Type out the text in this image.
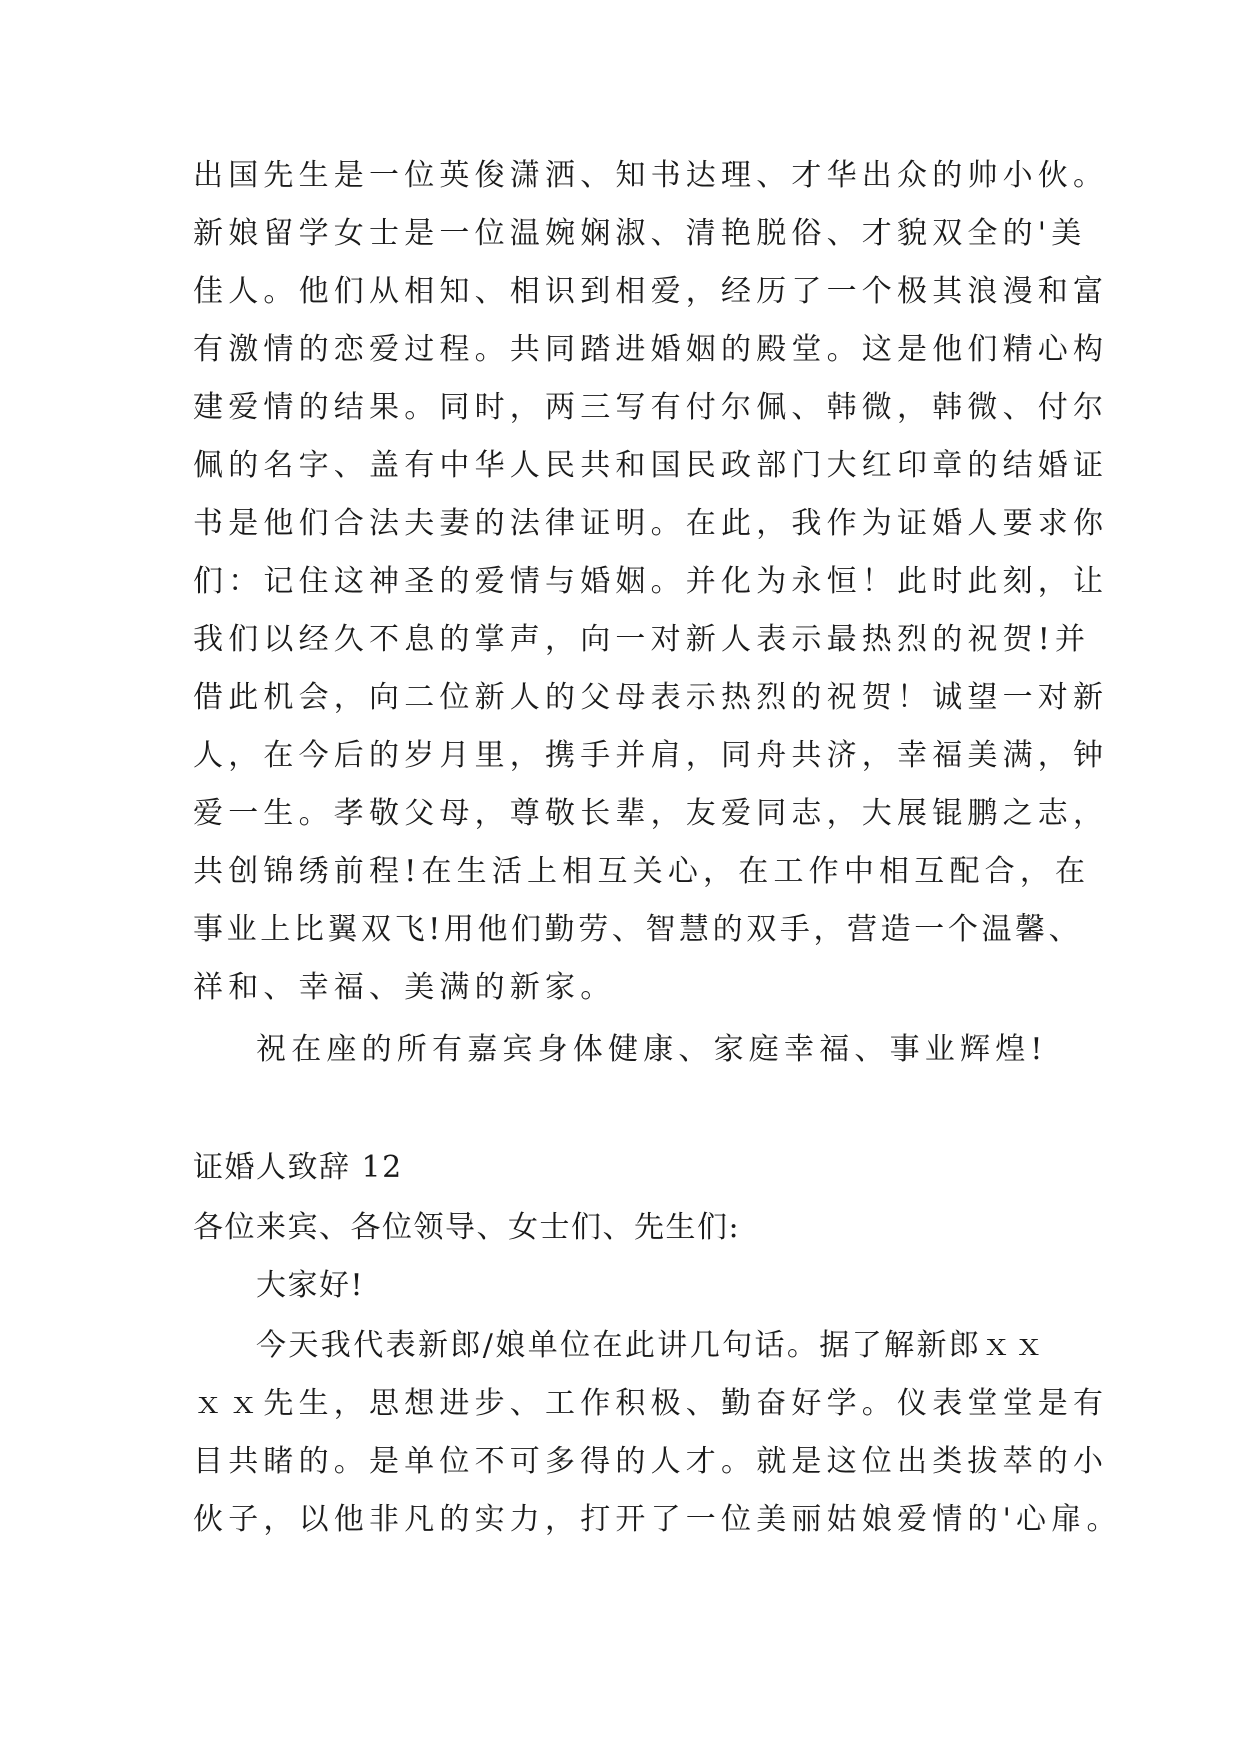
出国先生是一位英俊潇洒、知书达理、才华出众的帅小伙。
新娘留学女士是一位温婉娴淑、清艳脱俗、才貌双全的'美
佳人。他们从相知、相识到相爱，经历了一个极其浪漫和富
有激情的恋爱过程。共同踏进婚姻的殿堂。这是他们精心构
建爱情的结果。同时，两三写有付尔佩、韩微，韩微、付尔
佩的名字、盖有中华人民共和国民政部门大红印章的结婚证
书是他们合法夫妻的法律证明。在此，我作为证婚人要求你
们：记住这神圣的爱情与婚姻。并化为永恒！此时此刻，让
我们以经久不息的掌声，向一对新人表示最热烈的祝贺!并
借此机会，向二位新人的父母表示热烈的祝贺！诚望一对新
人，在今后的岁月里，携手并肩，同舟共济，幸福美满，钟
爱一生。孝敬父母，尊敬长辈，友爱同志，大展锟鹏之志，
共创锦绣前程!在生活上相互关心，在工作中相互配合，在
事业上比翼双飞!用他们勤劳、智慧的双手，营造一个温馨、
祥和、幸福、美满的新家。
祝在座的所有嘉宾身体健康、家庭幸福、事业辉煌!
证婚人致辞 12
各位来宾、各位领导、女士们、先生们:
大家好!
今天我代表新郎/娘单位在此讲几句话。据了解新郎ｘｘ
ｘｘ先生，思想进步、工作积极、勤奋好学。仪表堂堂是有
目共睹的。是单位不可多得的人才。就是这位出类拔萃的小
伙子，以他非凡的实力，打开了一位美丽姑娘爱情的'心扉。
